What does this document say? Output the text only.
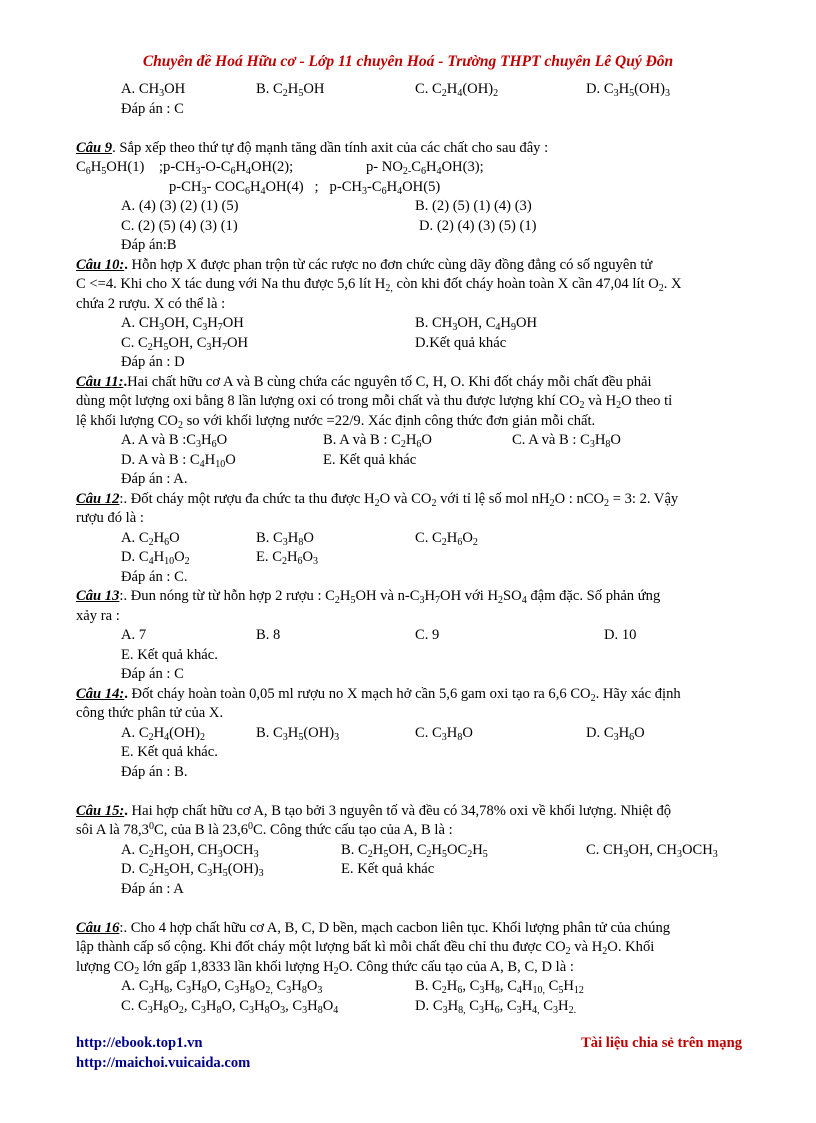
Chuyên đề Hoá Hữu cơ - Lớp 11 chuyên Hoá - Trường THPT chuyên Lê Quý Đôn
A. $CH_3OH$	B. $C_2H_5OH$	C. $C_2H_4(OH)_2$	D. $C_3H_5(OH)_3$
Đáp án : C
Câu 9. Sắp xếp theo thứ tự độ mạnh tăng dần tính axit của các chất cho sau đây :
$C_6H_5OH(1)$    $;p-CH_3-O-C_6H_4OH(2)$;	p- $NO_{2-}C_6H_4OH(3)$;
$p-CH_3-$ $COC_6H_4OH(4)$   ;   $p-CH_3-C_6H_4OH(5)$
A. (4) (3) (2) (1) (5)	B. (2) (5) (1) (4) (3)
C. (2) (5) (4) (3) (1)	D. (2) (4) (3) (5) (1)
Đáp án:B
Câu 10:. Hỗn hợp X được phan trộn từ các rược no đơn chức cùng dãy đồng đẳng có số nguyên tử
C <=4. Khi cho X tác dung với Na thu được 5,6 lít $H_{2,}$ còn khi đốt cháy hoàn toàn X cần 47,04 lít $O_2$. X
chứa 2 rượu. X có thể là :
A. $CH_3OH$, $C_3H_7OH$	B. $CH_3OH$, $C_4H_9OH$
C. $C_2H_5OH$, $C_3H_7OH$	D.Kết quả khác
Đáp án : D
Câu 11:.Hai chất hữu cơ A và B cùng chứa các nguyên tố C, H, O. Khi đốt cháy mỗi chất đều phải
dùng một lượng oxi bằng 8 lần lượng oxi có trong mỗi chất và thu được lượng khí $CO_2$ và $H_2O$ theo tỉ
lệ khối lượng $CO_2$ so với khối lượng nước =22/9. Xác định công thức đơn giản mỗi chất.
A. A và B $:C_3H_6O$	B. A và B : $C_2H_6O$	C. A và B : $C_3H_8O$
D. A và B : $C_4H_{10}O$	E. Kết quả khác
Đáp án : A.
Câu 12:. Đốt cháy một rượu đa chức ta thu được $H_2O$ và $CO_2$ với tỉ lệ số mol $nH_2O$ : nCO$_2$ = 3: 2. Vậy
rượu đó là :
A. $C_2H_6O$	B. $C_3H_8O$	C. $C_2H_6O_2$
D. $C_4H_{10}O_2$	E. $C_2H_6O_3$
Đáp án : C.
Câu 13:. Đun nóng từ từ hỗn hợp 2 rượu : $C_2H_5OH$ và $n-C_3H_7OH$ với $H_2SO_4$ đậm đặc. Số phản ứng
xảy ra :
A. 7	B. 8	C. 9	D. 10
E. Kết quả khác.
Đáp án : C
Câu 14:. Đốt cháy hoàn toàn 0,05 ml rượu no X mạch hở cần 5,6 gam oxi tạo ra 6,6 $CO_2$. Hãy xác định
công thức phân tử của X.
A. $C_2H_4(OH)_2$	B. $C_3H_5(OH)_3$	C. $C_3H_8O$	D. $C_3H_6O$
E. Kết quả khác.
Đáp án : B.
Câu 15:. Hai hợp chất hữu cơ A, B tạo bởi 3 nguyên tố và đều có 34,78% oxi về khối lượng. Nhiệt độ
sôi A là 78,3$^0$C, của B là 23,6$^0$C. Công thức cấu tạo của A, B là :
A. $C_2H_5OH$, $CH_3OCH_3$	B. $C_2H_5OH$, $C_2H_5OC_2H_5$	C. $CH_3OH$, $CH_3OCH_3$
D. $C_2H_5OH$, $C_3H_5(OH)_3$	E. Kết quả khác
Đáp án : A
Câu 16:. Cho 4 hợp chất hữu cơ A, B, C, D bền, mạch cacbon liên tục. Khối lượng phân tử của chúng
lập thành cấp số cộng. Khi đốt cháy một lượng bất kì mỗi chất đều chỉ thu được $CO_2$ và $H_2O$. Khối
lượng $CO_2$ lớn gấp 1,8333 lần khối lượng $H_2O$. Công thức cấu tạo của A, B, C, D là :
A. $C_3H_8$, $C_3H_8O$, $C_3H_8O_{2,}$ $C_3H_8O_3$	B. $C_2H_6$, $C_3H_8$, $C_4H_{10,}$ $C_5H_{12}$
C. $C_3H_8O_2$, $C_3H_8O$, $C_3H_8O_3$, $C_3H_8O_4$	D. $C_3H_{8,}$ $C_3H_6$, $C_3H_{4,}$ $C_3H_{2.}$
http://ebook.top1.vn	Tài liệu chia sẻ trên mạng
http://maichoi.vuicaida.com
